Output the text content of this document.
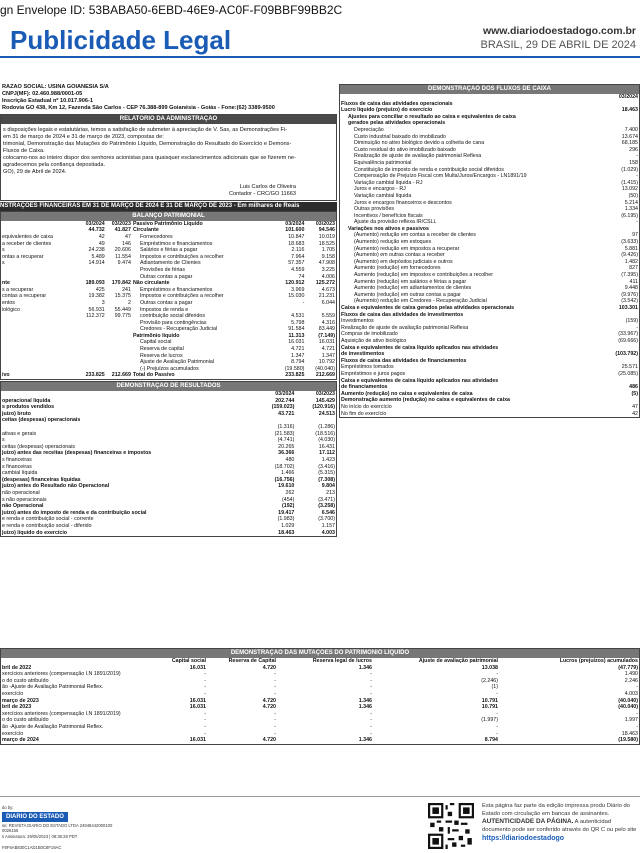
gn Envelope ID: 53BABA50-6EBD-46E9-AC0F-F09BBF99BB2C
Publicidade Legal	www.diariodoestadogo.com.br
BRASIL, 29 DE ABRIL DE 2024
RAZÃO SOCIAL: USINA GOIANESIA S/A
CNPJ(MF): 02.460.988/0001-05
Inscrição Estadual nº 10.017.906-1
Rodovia GO 438, Km 12, Fazenda São Carlos - CEP 76.388-899 Goianésia - Goiás - Fone:(62) 3389-9500
RELATÓRIO DA ADMINISTRAÇÃO
s disposições legais e estatutárias, temos a satisfação de submeter à apreciação de V. Sas, as Demonstrações Fi-
em 31 de março de 2024 e 31 de março de 2023, compostas de:
trimonial, Demonstração das Mutações do Patrimônio Líquido, Demonstração do Resultado do Exercício e Demons-
Fluxos de Caixa.
colocamo-nos ao inteiro dispor dos senhores acionistas para quaisquer esclarecimentos adicionais que se fizerem ne-
agradecemos pela confiança depositada.
GO), 29 de Abril de 2024.
Luis Carlos de Oliveira
Contador - CRC/GO 11663
NSTRAÇÕES FINANCEIRAS EM 31 DE MARÇO DE 2024 E 31 DE MARÇO DE 2023 - Em milhares de Reais
BALANÇO PATRIMONIAL
	03/2024	03/2023	Passivo Patrimônio Líquido	03/2024	03/2023
	44.732	41.827	Circulante	101.600	94.546
equivalentes de caixa	42	47	Fornecedores	10.847	10.019
a receber de clientes	49	146	Empréstimos e financiamentos	18.683	18.525
s	24.238	20.606	Salários e férias a pagar	2.116	1.705
ontas a recuperar	5.489	11.554	Impostos e contribuições a recolher	7.964	9.158
s	14.914	9.474	Adiantamento de Clientes	57.357	47.908
			Provisões de férias	4.559	3.225
			Outras contas a pagar	74	4.006
nte	189.093	170.842	Não circulante	120.912	125.272
s a recuperar	425	241	Empréstimos e financiamentos	3.969	4.673
contas a recuperar	19.382	15.375	Impostos e contribuições a recolher	15.030	21.231
entos	3	2	Outras contas a pagar	-	6.044
iológico	56.931	55.449	Impostos de renda e		
	112.372	99.775	contribuição social diferidos	4.531	5.559
			Provisão para contingências	5.798	4.316
			Credores - Recuperação Judicial	91.584	83.449
			Patrimônio líquido	11.313	(7.149)
			Capital social	16.031	16.031
			Reserva de capital	4.721	4.721
			Reserva de lucros	1.347	1.347
			Ajuste de Avaliação Patrimonial	8.794	10.792
			(-) Prejuízos acumulados	(19.580)	(40.040)
ivo	233.825	212.669	Total do Passivo	233.825	212.669
DEMONSTRAÇÃO DE RESULTADOS
	03/2024	03/2023
operacional líquida	202.744	145.429
s produtos vendidos	(159.023)	(120.916)
juízo) bruto	43.721	24.513
ceitas (despesas) operacionais		
	(1.316)	(1.286)
ativas e gerais	(21.583)	(18.516)
s	(4.741)	(4.030)
ceitas (despesas) operacionais	20.265	16.431
juízo) antes das receitas (despesas) financeiras e impostos	36.366	17.112
s financeiras	480	1.423
s financeiras	(18.702)	(3.416)
cambial líquida	1.466	(5.315)
(despesas) financeiras líquidas	(16.756)	(7.308)
juízo) antes do Resultado não Operacional	19.610	9.804
não operacional	262	213
s não operacionais	(454)	(3.471)
não Operacional	(192)	(3.258)
juízo) antes do imposto de renda e da contribuição social	19.417	6.546
e renda e contribuição social - corrente	(1.983)	(3.700)
e renda e contribuição social - diferido	1.029	1.157
juízo) líquido do exercício	18.463	4.003
DEMONSTRAÇÃO DOS FLUXOS DE CAIXA
	03/2024
Fluxos de caixa das atividades operacionais	
Lucro líquido (prejuízo) do exercício	18.463

Ajustes para conciliar o resultado ao caixa e equivalentes de caixa	
gerados pelas atividades operacionais	
Depreciação	7.400
Custo industrial baixado do imobilizado	13.674
Diminuição no ativo biológico devido a colheita de cana	68.185
Custo residual do ativo imobilizado baixado	296
Realização de ajuste de avaliação patrimonial Reflexa	-
Equivalência patrimonial	158
Constituição de imposto de renda e contribuição social diferidos	(1.029)
Compensação de Prejuízo Fiscal com Multa/Juros/Encargos - LN1891/19	-
Variação cambial líquida - RJ	(1.415)
Juros e encargos - RJ	13.092
Variação cambial líquida	(50)
Juros e encargos financeiros e descontos	5.214
Outras provisões	1.334
Incentivos / benefícios fiscais	(6.195)
Ajuste da provisão reflexa IR/CSLL	-

Variações nos ativos e passivos	
(Aumento) redução em contas a receber de clientes	97
(Aumento) redução em estoques	(3.633)
(Aumento) redução em impostos a recuperar	5.881
(Aumento) em outras contas a receber	(9.426)
(Aumento) em depósitos judiciais e outros	1.482
Aumento (redução) em fornecedores	827
Aumento (redução) em impostos e contribuições a recolher	(7.395)
Aumento (redução) em salários e férias a pagar	411
Aumento (redução) em adiantamentos de clientes	9.448
Aumento (redução) em outras contas a pagar	(9.976)
(Aumento) redução em Credores - Recuperação Judicial	(3.542)
Caixa e equivalentes de caixa gerados pelas atividades operacionais	103.301

Fluxos de caixa das atividades de investimentos	
Investimentos	(159)
Realização de ajuste de avaliação patrimonial Reflexa	-
Compras de imobilizado	(33.967)
Aquisição de ativo biológico	(69.666)
Caixa e equivalentes de caixa líquido aplicados nas atividades	
de investimentos	(103.792)

Fluxos de caixa das atividades de financiamentos	
Empréstimos tomados	25.571
Empréstimos e juros pagos	(25.085)
Caixa e equivalentes de caixa líquido aplicados nas atividades	
de financiamentos	486

Aumento (redução) no caixa e equivalentes de caixa	(5)
Demonstração aumento (redução) no caixa e equivalentes de caixa	

No início do exercício	47

No fim do exercício	42
DEMONSTRAÇÃO DAS MUTAÇÕES DO PATRIMÔNIO LÍQUIDO
	Capital social	Reserva de Capital	Reserva legal de lucros	Ajuste de avaliação patrimonial	Lucros (prejuízos) acumulados
bril de 2022	16.031	4.720	1.346	13.038	(47.779)
xercícios anteriores (compensação I.N 1891/2019)	-	-	-	-	1.490
o do custo atribuído	-	-	-	(2.246)	2.246
ão -Ajuste de Avaliação Patrimonial Reflex.	-	-	-	(1)	-
exercício	-	-	-	-	4.003
março de 2023	16.031	4.720	1.346	10.791	(40.040)
bril de 2023	16.031	4.720	1.346	10.791	(40.040)
xercícios anteriores (compensação I.N 1891/2019)	-	-	-	-	-
o do custo atribuído	-	-	-	(1.997)	1.997
ão -Ajuste de Avaliação Patrimonial Reflex.	-	-	-	-	-
exercício	-	-	-	-	18.463
março de 2024	16.031	4.720	1.346	8.794	(19.580)
do by:
DIARIO DO ESTADO
se: REVISTA DIARIO DO ESTADO LTDA 24948442000100
0026155
s Assinatura: 29/05/2023 | 08:36:28 PDT
F8F6AB830C1AD1B0C8F19AC
Esta página faz parte da edição impressa produ Diário do Estado com circulação em bancas de assinantes. AUTENTICIDADE DA PÁGINA. A autenticidad documento pode ser conferido através do QR C ou pelo site https://diariodoestadogo
